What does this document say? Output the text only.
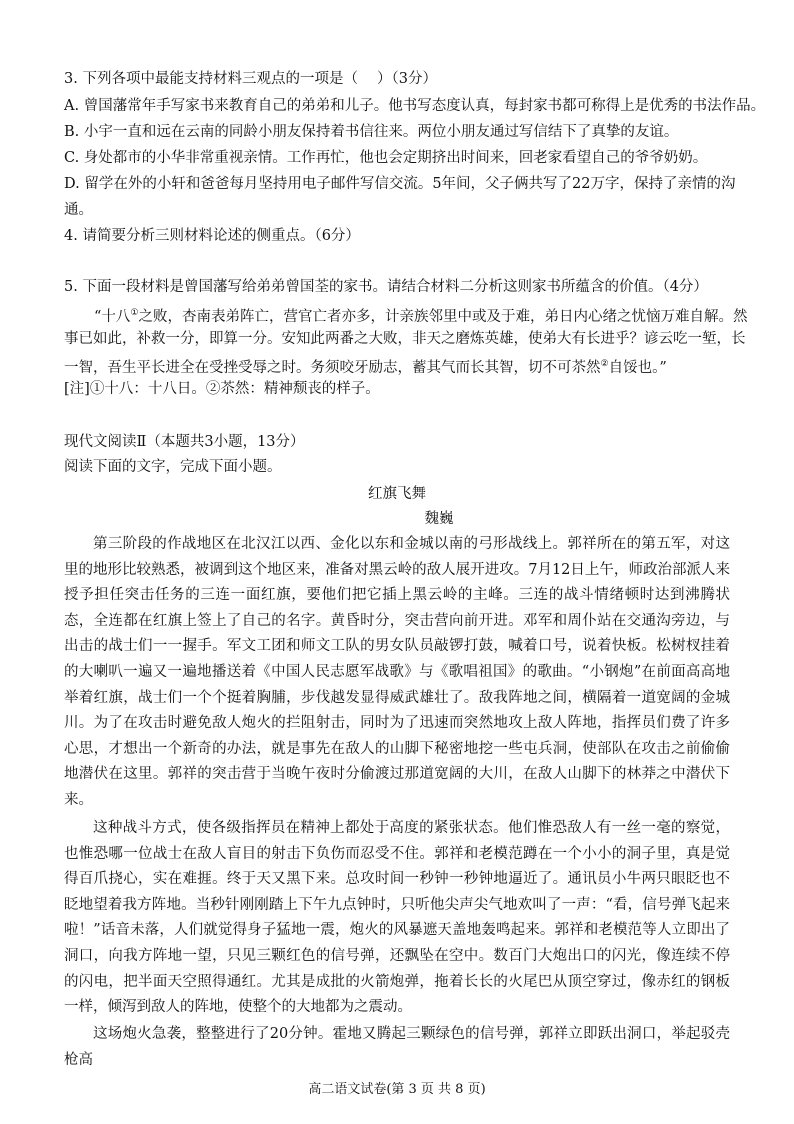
3. 下列各项中最能支持材料三观点的一项是（　 ）（3分）
A. 曾国藩常年手写家书来教育自己的弟弟和儿子。他书写态度认真，每封家书都可称得上是优秀的书法作品。
B. 小宇一直和远在云南的同龄小朋友保持着书信往来。两位小朋友通过写信结下了真挚的友谊。
C. 身处都市的小华非常重视亲情。工作再忙，他也会定期挤出时间来，回老家看望自己的爷爷奶奶。
D. 留学在外的小轩和爸爸每月坚持用电子邮件写信交流。5年间，父子俩共写了22万字，保持了亲情的沟
通。
4. 请简要分析三则材料论述的侧重点。（6分）
5. 下面一段材料是曾国藩写给弟弟曾国荃的家书。请结合材料二分析这则家书所蕴含的价值。（4分）
“十八①之败，杏南表弟阵亡，营官亡者亦多，计亲族邻里中或及于难，弟日内心绪之忧恼万难自解。然
事已如此，补救一分，即算一分。安知此两番之大败，非天之磨炼英雄，使弟大有长进乎？谚云吃一堑，长
一智，吾生平长进全在受挫受辱之时。务须咬牙励志，蓄其气而长其智，切不可苶然②自馁也。”
[注]①十八：十八日。②苶然：精神颓丧的样子。
现代文阅读Ⅱ（本题共3小题，13分）
阅读下面的文字，完成下面小题。
红旗飞舞
魏巍
第三阶段的作战地区在北汉江以西、金化以东和金城以南的弓形战线上。郭祥所在的第五军，对这里的地形比较熟悉，被调到这个地区来，准备对黑云岭的敌人展开进攻。7月12日上午，师政治部派人来授予担任突击任务的三连一面红旗，要他们把它插上黑云岭的主峰。三连的战斗情绪顿时达到沸腾状态，全连都在红旗上签上了自己的名字。黄昏时分，突击营向前开进。邓军和周仆站在交通沟旁边，与出击的战士们一一握手。军文工团和师文工队的男女队员敲锣打鼓，喊着口号，说着快板。松树杈挂着的大喇叭一遍又一遍地播送着《中国人民志愿军战歌》与《歌唱祖国》的歌曲。“小钢炮”在前面高高地举着红旗，战士们一个个挺着胸脯，步伐越发显得威武雄壮了。敌我阵地之间，横隔着一道宽阔的金城川。为了在攻击时避免敌人炮火的拦阻射击，同时为了迅速而突然地攻上敌人阵地，指挥员们费了许多心思，才想出一个新奇的办法，就是事先在敌人的山脚下秘密地挖一些屯兵洞，使部队在攻击之前偷偷地潜伏在这里。郭祥的突击营于当晚午夜时分偷渡过那道宽阔的大川，在敌人山脚下的林莽之中潜伏下来。
这种战斗方式，使各级指挥员在精神上都处于高度的紧张状态。他们惟恐敌人有一丝一毫的察觉，也惟恐哪一位战士在敌人盲目的射击下负伤而忍受不住。郭祥和老模范蹲在一个小小的洞子里，真是觉得百爪挠心，实在难捱。终于天又黑下来。总攻时间一秒钟一秒钟地逼近了。通讯员小牛两只眼眨也不眨地望着我方阵地。当秒针刚刚踏上下午九点钟时，只听他尖声尖气地欢叫了一声：“看，信号弹飞起来啦！”话音未落，人们就觉得身子猛地一震，炮火的风暴遮天盖地轰鸣起来。郭祥和老模范等人立即出了洞口，向我方阵地一望，只见三颗红色的信号弹，还飘坠在空中。数百门大炮出口的闪光，像连续不停的闪电，把半面天空照得通红。尤其是成批的火箭炮弹，拖着长长的火尾巴从顶空穿过，像赤红的钢板一样，倾泻到敌人的阵地，使整个的大地都为之震动。
这场炮火急袭，整整进行了20分钟。霍地又腾起三颗绿色的信号弹，郭祥立即跃出洞口，举起驳壳枪高
高二语文试卷(第 3 页 共 8 页)
